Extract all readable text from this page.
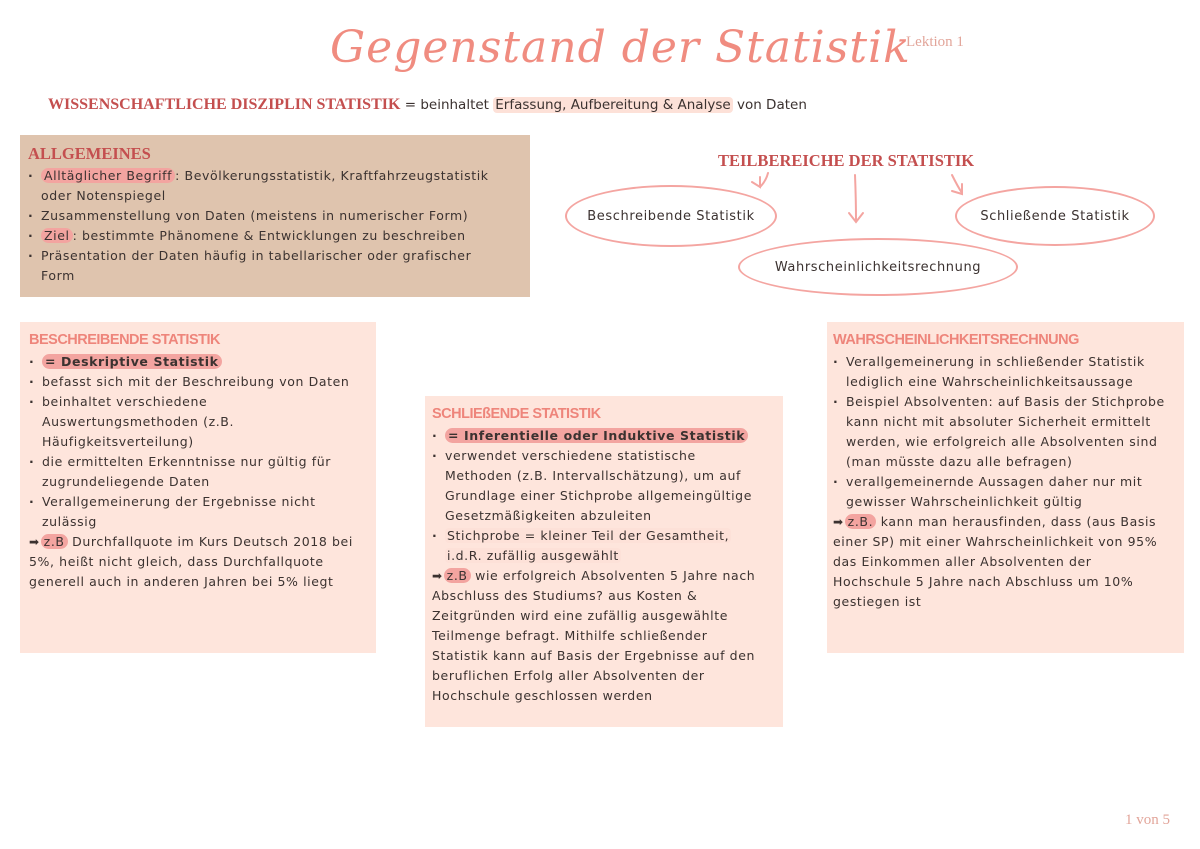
Gegenstand der Statistik
Lektion 1
WISSENSCHAFTLICHE DISZIPLIN STATISTIK = beinhaltet Erfassung, Aufbereitung & Analyse von Daten
ALLGEMEINES
· Alltäglicher Begriff : Bevölkerungsstatistik, Kraftfahrzeugstatistik
oder Notenspiegel
· Zusammenstellung von Daten (meistens in numerischer Form)
· Ziel : bestimmte Phänomene & Entwicklungen zu beschreiben
· Präsentation der Daten häufig in tabellarischer oder grafischer
Form
TEILBEREICHE DER STATISTIK
Beschreibende Statistik	Schließende Statistik
Wahrscheinlichkeitsrechnung
BESCHREIBENDE STATISTIK
· = Deskriptive Statistik
· befasst sich mit der Beschreibung von Daten
· beinhaltet verschiedene Auswertungsmethoden (z.B. Häufigkeitsverteilung)
· die ermittelten Erkenntnisse nur gültig für zugrundeliegende Daten
· Verallgemeinerung der Ergebnisse nicht zulässig
➡ z.B Durchfallquote im Kurs Deutsch 2018 bei 5%, heißt nicht gleich, dass Durchfallquote generell auch in anderen Jahren bei 5% liegt
SCHLIEßENDE STATISTIK
· = Inferentielle oder Induktive Statistik
· verwendet verschiedene statistische Methoden (z.B. Intervallschätzung), um auf Grundlage einer Stichprobe allgemeingültige Gesetzmäßigkeiten abzuleiten
· Stichprobe = kleiner Teil der Gesamtheit,
i.d.R. zufällig ausgewählt
➡ z.B wie erfolgreich Absolventen 5 Jahre nach Abschluss des Studiums? aus Kosten & Zeitgründen wird eine zufällig ausgewählte Teilmenge befragt. Mithilfe schließender Statistik kann auf Basis der Ergebnisse auf den beruflichen Erfolg aller Absolventen der Hochschule geschlossen werden
WAHRSCHEINLICHKEITSRECHNUNG
· Verallgemeinerung in schließender Statistik lediglich eine Wahrscheinlichkeitsaussage
· Beispiel Absolventen: auf Basis der Stichprobe kann nicht mit absoluter Sicherheit ermittelt werden, wie erfolgreich alle Absolventen sind (man müsste dazu alle befragen)
· verallgemeinernde Aussagen daher nur mit gewisser Wahrscheinlichkeit gültig
➡ z.B. kann man herausfinden, dass (aus Basis einer SP) mit einer Wahrscheinlichkeit von 95% das Einkommen aller Absolventen der Hochschule 5 Jahre nach Abschluss um 10% gestiegen ist
1 von 5
